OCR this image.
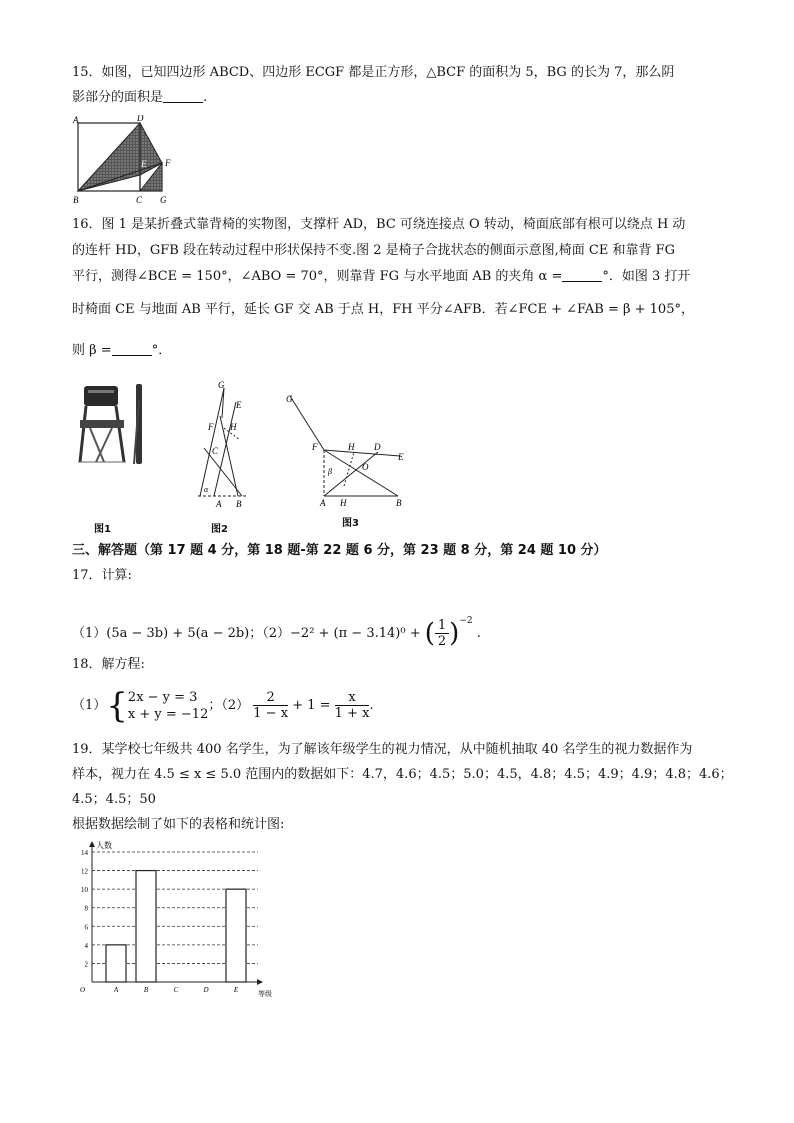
15．如图，已知四边形 ABCD、四边形 ECGF 都是正方形，△BCF 的面积为 5，BG 的长为 7，那么阴
影部分的面积是	.
A	D
E F
B	C G
16．图 1 是某折叠式靠背椅的实物图，支撑杆 AD，BC 可绕连接点 O 转动，椅面底部有根可以绕点 H 动
的连杆 HD，GFB 段在转动过程中形状保持不变.图 2 是椅子合拢状态的侧面示意图,椅面 CE 和靠背 FG
平行，测得∠BCE = 150°，∠ABO = 70°，则靠背 FG 与水平地面 AB 的夹角 α =	°．如图 3 打开
时椅面 CE 与地面 AB 平行，延长 GF 交 AB 于点 H，FH 平分∠AFB．若∠FCE + ∠FAB = β + 105°，
则 β =	°．
G
E
F H
C
α
A B
G
F	H D
E
O
β
A H	B
图1	图2
图3
三、解答题（第 17 题 4 分，第 18 题-第 22 题 6 分，第 23 题 8 分，第 24 题 10 分）
17．计算:
（1）(5a − 3b) + 5(a − 2b)；（2）−2² + (π − 3.14)⁰ + ( $\frac{1}{2} )^{-2}$ .
18．解方程:
（1）{ 2x − y = 3
x + y = −12
；$(2) \frac{2}{1 - x} + 1 = \frac{x}{1 + x}$ .
19．某学校七年级共 400 名学生，为了解该年级学生的视力情况，从中随机抽取 40 名学生的视力数据作为
样本，视力在 4.5 ≤ x ≤ 5.0 范围内的数据如下：4.7，4.6；4.5；5.0；4.5，4.8；4.5；4.9；4.9；4.8；4.6；
4.5；4.5；50
根据数据绘制了如下的表格和统计图:
2
4
6
8
10
12
14
人数
等级
O	A	B	C	D	E
